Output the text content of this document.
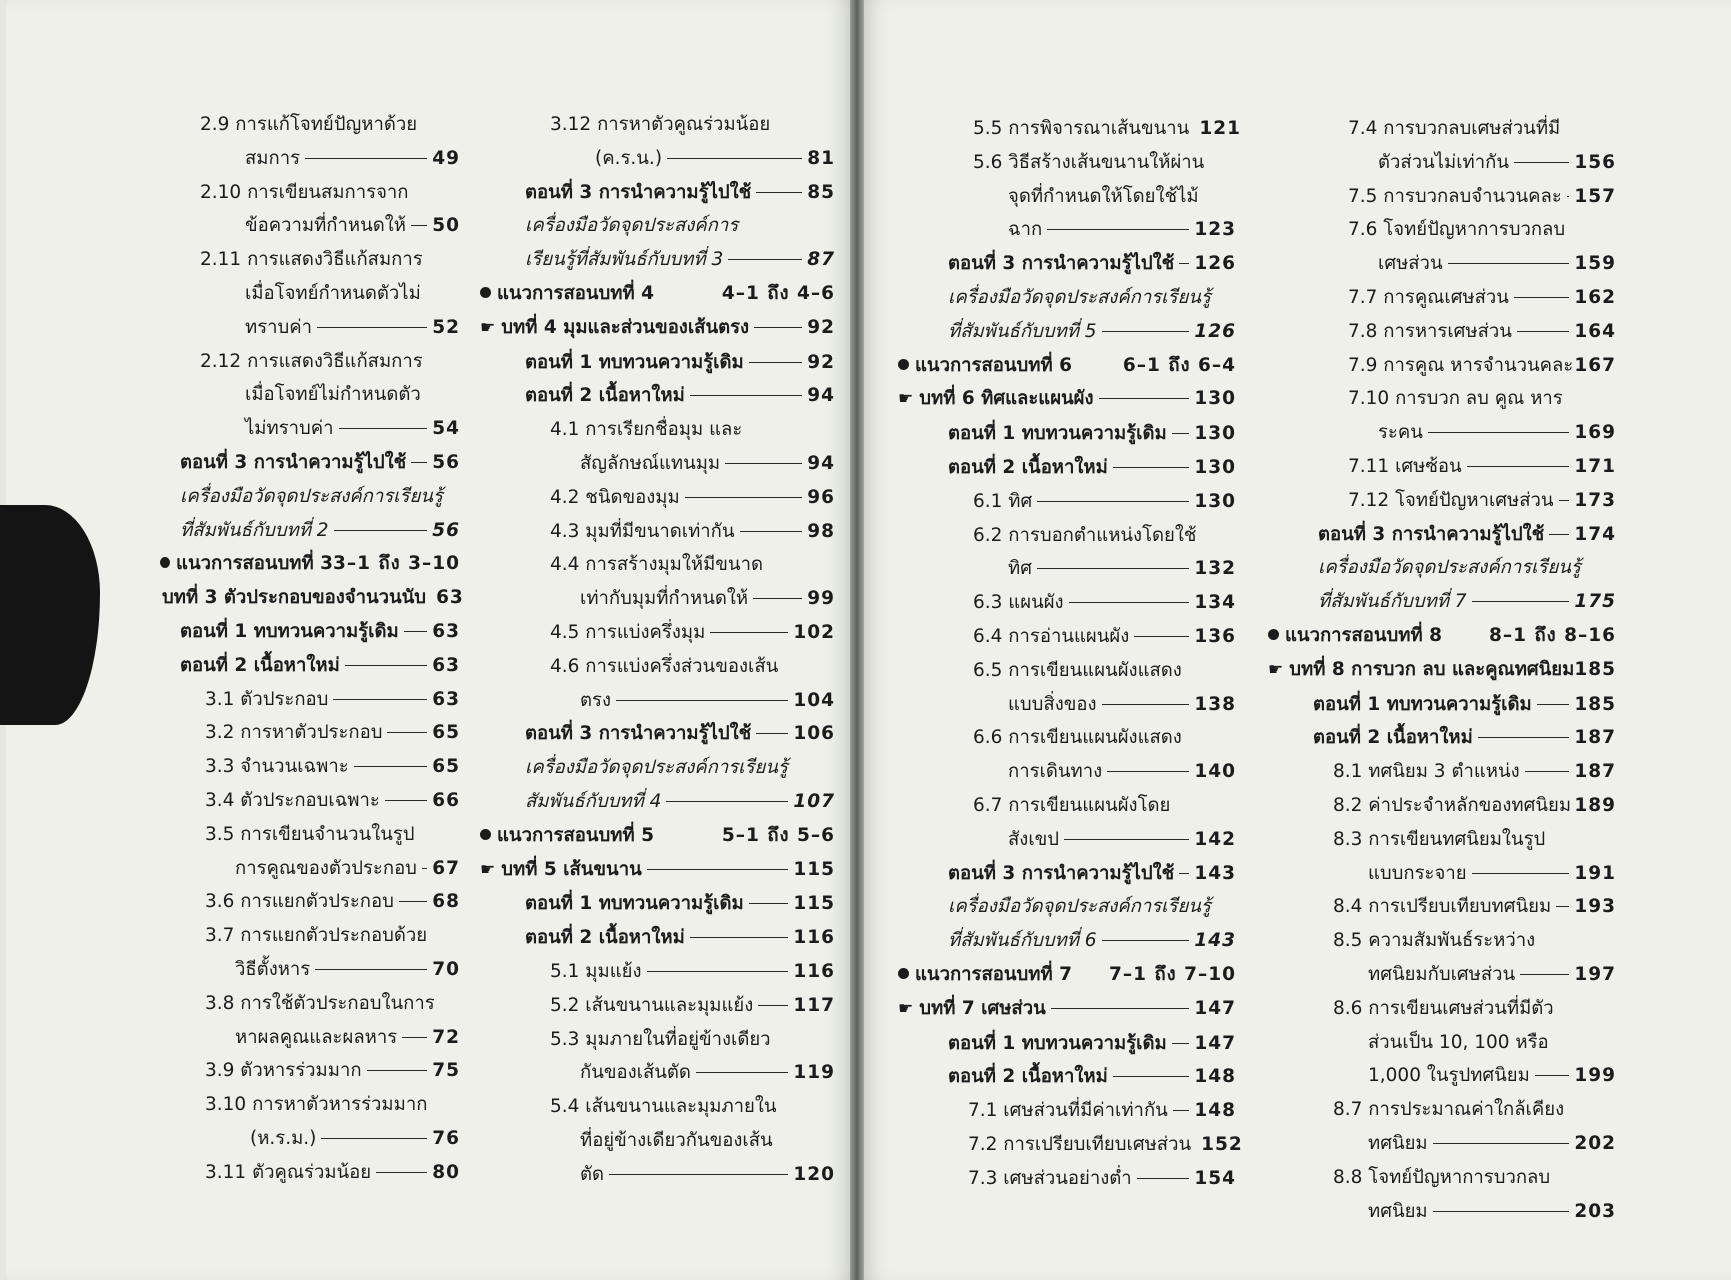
2.9 การแก้โจทย์ปัญหาด้วย
สมการ	49
2.10 การเขียนสมการจาก
ข้อความที่กำหนดให้ 50
2.11 การแสดงวิธีแก้สมการ
เมื่อโจทย์กำหนดตัวไม่
ทราบค่า	52
2.12 การแสดงวิธีแก้สมการ
เมื่อโจทย์ไม่กำหนดตัว
ไม่ทราบค่า	54
ตอนที่ 3 การนำความรู้ไปใช้ 56
เครื่องมือวัดจุดประสงค์การเรียนรู้
ที่สัมพันธ์กับบทที่ 2	56
แนวการสอนบทที่ 3 3–1 ถึง 3–10
บทที่ 3 ตัวประกอบของจำนวนนับ 63
ตอนที่ 1 ทบทวนความรู้เดิม 63
ตอนที่ 2 เนื้อหาใหม่	63
3.1 ตัวประกอบ	63
3.2 การหาตัวประกอบ	65
3.3 จำนวนเฉพาะ	65
3.4 ตัวประกอบเฉพาะ	66
3.5 การเขียนจำนวนในรูป
การคูณของตัวประกอบ 67
3.6 การแยกตัวประกอบ 68
3.7 การแยกตัวประกอบด้วย
วิธีตั้งหาร	70
3.8 การใช้ตัวประกอบในการ
หาผลคูณและผลหาร 72
3.9 ตัวหารร่วมมาก	75
3.10 การหาตัวหารร่วมมาก
(ห.ร.ม.)	76
3.11 ตัวคูณร่วมน้อย	80
3.12 การหาตัวคูณร่วมน้อย
(ค.ร.น.)	81
ตอนที่ 3 การนำความรู้ไปใช้	85
เครื่องมือวัดจุดประสงค์การ
เรียนรู้ที่สัมพันธ์กับบทที่ 3	87
แนวการสอนบทที่ 4	4–1 ถึง 4–6
☛ บทที่ 4 มุมและส่วนของเส้นตรง	92
ตอนที่ 1 ทบทวนความรู้เดิม	92
ตอนที่ 2 เนื้อหาใหม่	94
4.1 การเรียกชื่อมุม และ
สัญลักษณ์แทนมุม	94
4.2 ชนิดของมุม	96
4.3 มุมที่มีขนาดเท่ากัน	98
4.4 การสร้างมุมให้มีขนาด
เท่ากับมุมที่กำหนดให้	99
4.5 การแบ่งครึ่งมุม	102
4.6 การแบ่งครึ่งส่วนของเส้น
ตรง	104
ตอนที่ 3 การนำความรู้ไปใช้ 106
เครื่องมือวัดจุดประสงค์การเรียนรู้
สัมพันธ์กับบทที่ 4	107
แนวการสอนบทที่ 5	5–1 ถึง 5–6
☛ บทที่ 5 เส้นขนาน	115
ตอนที่ 1 ทบทวนความรู้เดิม	115
ตอนที่ 2 เนื้อหาใหม่	116
5.1 มุมแย้ง	116
5.2 เส้นขนานและมุมแย้ง 117
5.3 มุมภายในที่อยู่ข้างเดียว
กันของเส้นตัด	119
5.4 เส้นขนานและมุมภายใน
ที่อยู่ข้างเดียวกันของเส้น
ตัด	120
5.5 การพิจารณาเส้นขนาน 121
5.6 วิธีสร้างเส้นขนานให้ผ่าน
จุดที่กำหนดให้โดยใช้ไม้
ฉาก	123
ตอนที่ 3 การนำความรู้ไปใช้ 126
เครื่องมือวัดจุดประสงค์การเรียนรู้
ที่สัมพันธ์กับบทที่ 5	126
แนวการสอนบทที่ 6	6–1 ถึง 6–4
☛ บทที่ 6 ทิศและแผนผัง	130
ตอนที่ 1 ทบทวนความรู้เดิม 130
ตอนที่ 2 เนื้อหาใหม่	130
6.1 ทิศ	130
6.2 การบอกตำแหน่งโดยใช้
ทิศ	132
6.3 แผนผัง	134
6.4 การอ่านแผนผัง	136
6.5 การเขียนแผนผังแสดง
แบบสิ่งของ	138
6.6 การเขียนแผนผังแสดง
การเดินทาง	140
6.7 การเขียนแผนผังโดย
สังเขป	142
ตอนที่ 3 การนำความรู้ไปใช้ 143
เครื่องมือวัดจุดประสงค์การเรียนรู้
ที่สัมพันธ์กับบทที่ 6	143
แนวการสอนบทที่ 7 7–1 ถึง 7–10
☛ บทที่ 7 เศษส่วน	147
ตอนที่ 1 ทบทวนความรู้เดิม 147
ตอนที่ 2 เนื้อหาใหม่	148
7.1 เศษส่วนที่มีค่าเท่ากัน 148
7.2 การเปรียบเทียบเศษส่วน 152
7.3 เศษส่วนอย่างต่ำ	154
7.4 การบวกลบเศษส่วนที่มี
ตัวส่วนไม่เท่ากัน	156
7.5 การบวกลบจำนวนคละ 157
7.6 โจทย์ปัญหาการบวกลบ
เศษส่วน	159
7.7 การคูณเศษส่วน	162
7.8 การหารเศษส่วน	164
7.9 การคูณ หารจำนวนคละ 167
7.10 การบวก ลบ คูณ หาร
ระคน	169
7.11 เศษซ้อน	171
7.12 โจทย์ปัญหาเศษส่วน 173
ตอนที่ 3 การนำความรู้ไปใช้ 174
เครื่องมือวัดจุดประสงค์การเรียนรู้
ที่สัมพันธ์กับบทที่ 7	175
แนวการสอนบทที่ 8	8–1 ถึง 8–16
☛ บทที่ 8 การบวก ลบ และคูณทศนิยม 185
ตอนที่ 1 ทบทวนความรู้เดิม 185
ตอนที่ 2 เนื้อหาใหม่	187
8.1 ทศนิยม 3 ตำแหน่ง	187
8.2 ค่าประจำหลักของทศนิยม 189
8.3 การเขียนทศนิยมในรูป
แบบกระจาย	191
8.4 การเปรียบเทียบทศนิยม 193
8.5 ความสัมพันธ์ระหว่าง
ทศนิยมกับเศษส่วน	197
8.6 การเขียนเศษส่วนที่มีตัว
ส่วนเป็น 10, 100 หรือ
1,000 ในรูปทศนิยม 199
8.7 การประมาณค่าใกล้เคียง
ทศนิยม	202
8.8 โจทย์ปัญหาการบวกลบ
ทศนิยม	203
